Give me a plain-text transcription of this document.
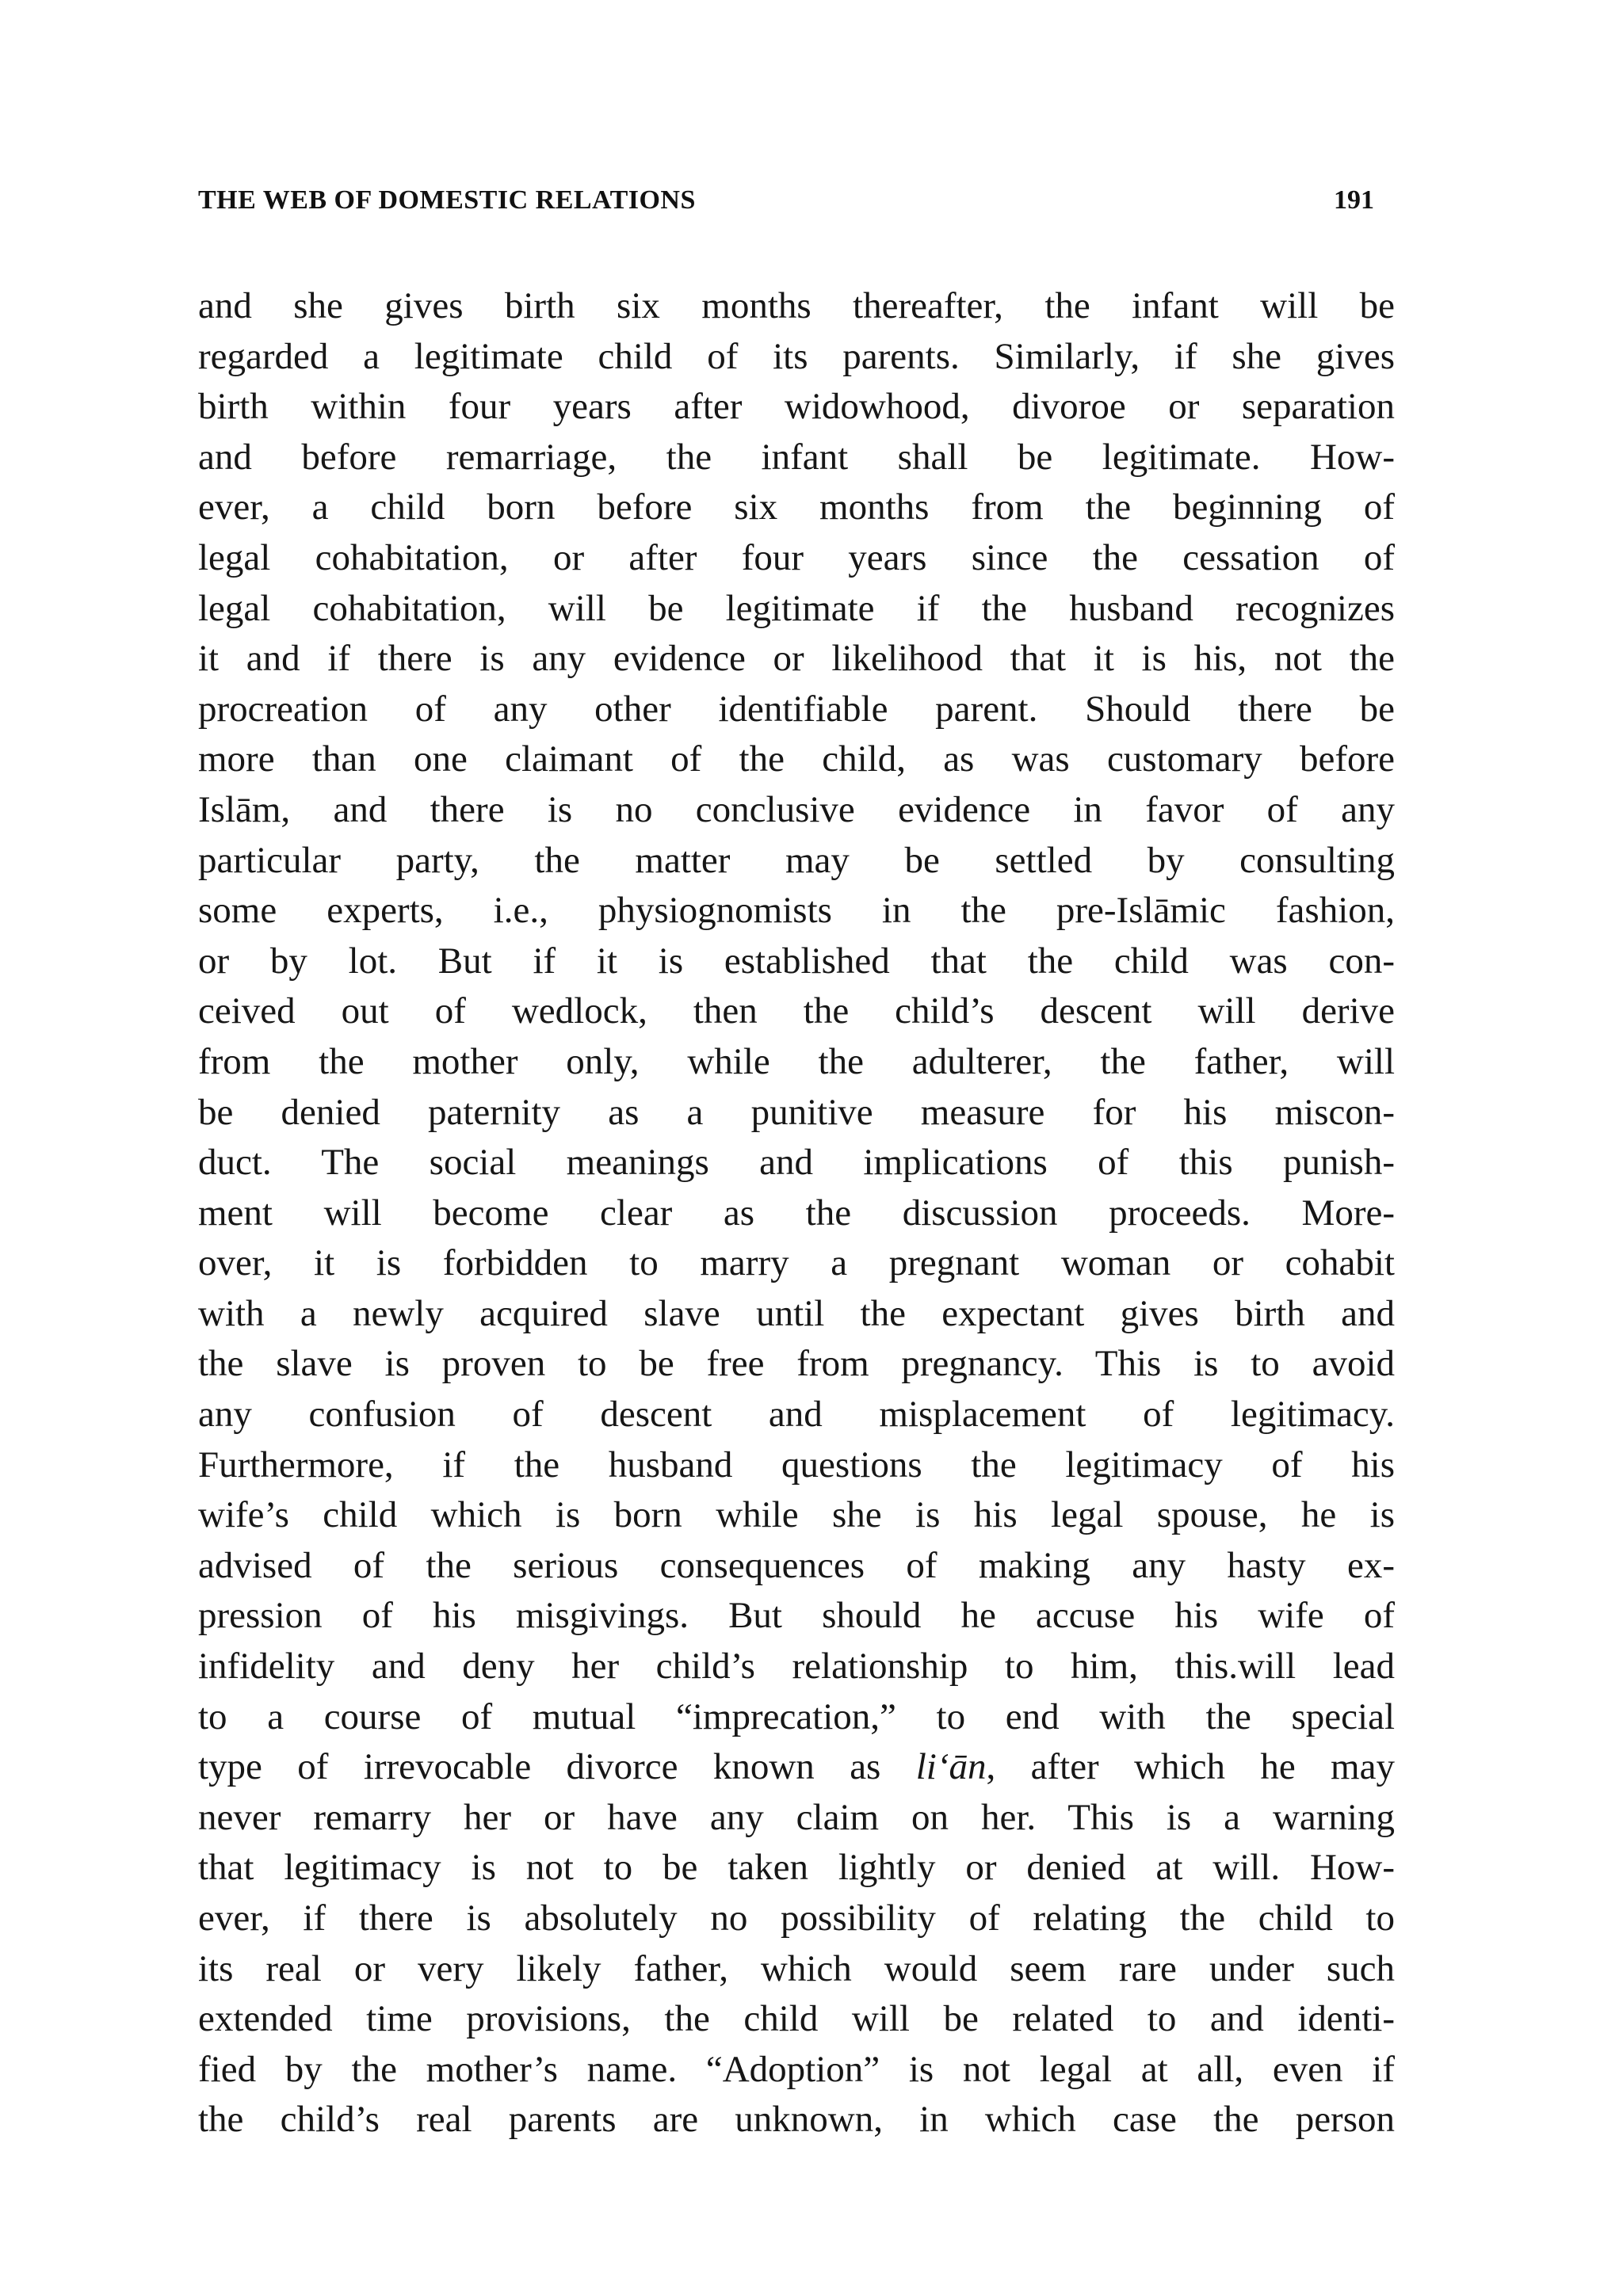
THE WEB OF DOMESTIC RELATIONS	191
and she gives birth six months thereafter, the infant will be
regarded a legitimate child of its parents. Similarly, if she gives
birth within four years after widowhood, divoroe or separation
and before remarriage, the infant shall be legitimate. How-
ever, a child born before six months from the beginning of
legal cohabitation, or after four years since the cessation of
legal cohabitation, will be legitimate if the husband recognizes
it and if there is any evidence or likelihood that it is his, not the
procreation of any other identifiable parent. Should there be
more than one claimant of the child, as was customary before
Islām, and there is no conclusive evidence in favor of any
particular party, the matter may be settled by consulting
some experts, i.e., physiognomists in the pre-Islāmic fashion,
or by lot. But if it is established that the child was con-
ceived out of wedlock, then the child’s descent will derive
from the mother only, while the adulterer, the father, will
be denied paternity as a punitive measure for his miscon-
duct. The social meanings and implications of this punish-
ment will become clear as the discussion proceeds. More-
over, it is forbidden to marry a pregnant woman or cohabit
with a newly acquired slave until the expectant gives birth and
the slave is proven to be free from pregnancy. This is to avoid
any confusion of descent and misplacement of legitimacy.
Furthermore, if the husband questions the legitimacy of his
wife’s child which is born while she is his legal spouse, he is
advised of the serious consequences of making any hasty ex-
pression of his misgivings. But should he accuse his wife of
infidelity and deny her child’s relationship to him, this.will lead
to a course of mutual “imprecation,” to end with the special
type of irrevocable divorce known as li‘ān, after which he may
never remarry her or have any claim on her. This is a warning
that legitimacy is not to be taken lightly or denied at will. How-
ever, if there is absolutely no possibility of relating the child to
its real or very likely father, which would seem rare under such
extended time provisions, the child will be related to and identi-
fied by the mother’s name. “Adoption” is not legal at all, even if
the child’s real parents are unknown, in which case the person
